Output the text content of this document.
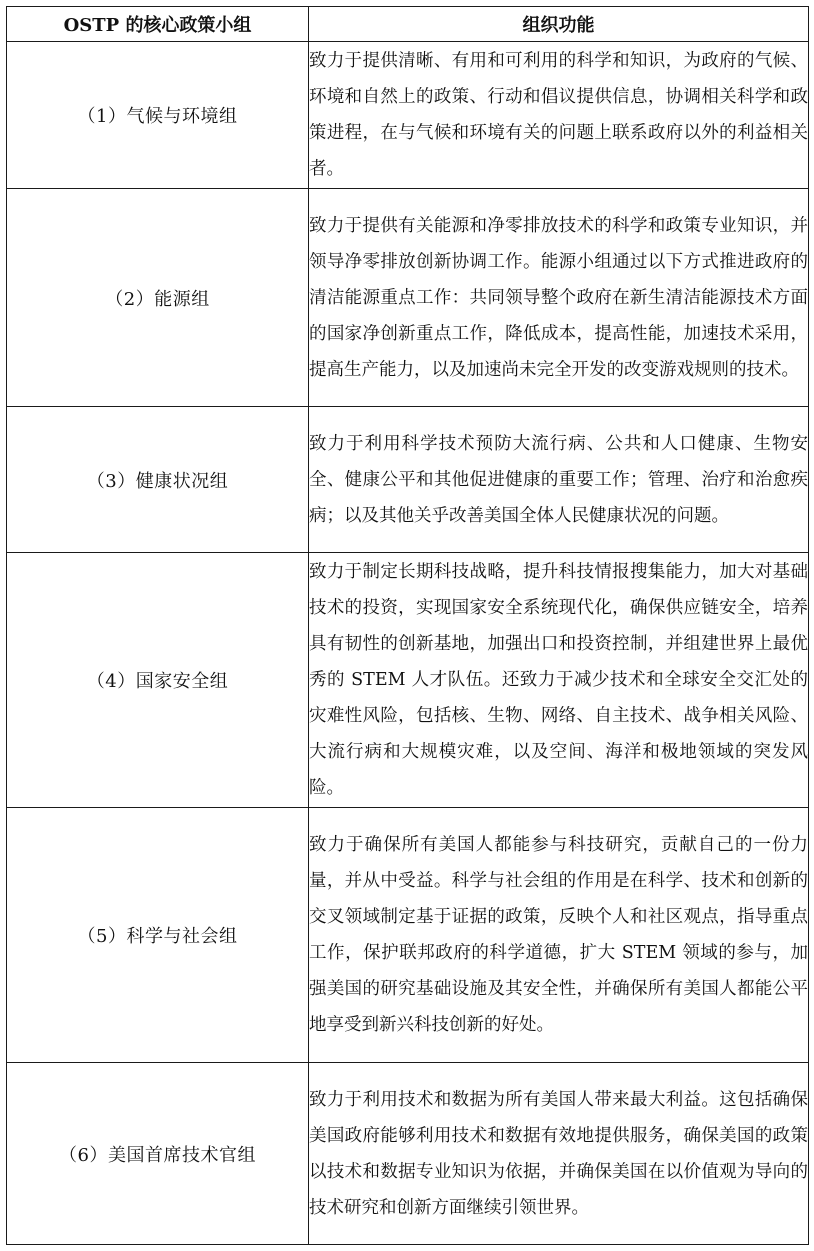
OSTP 的核心政策小组	组织功能
（1）气候与环境组	致力于提供清晰、有用和可利用的科学和知识，为政府的气候、环境和自然上的政策、行动和倡议提供信息，协调相关科学和政策进程，在与气候和环境有关的问题上联系政府以外的利益相关者。
（2）能源组	致力于提供有关能源和净零排放技术的科学和政策专业知识，并领导净零排放创新协调工作。能源小组通过以下方式推进政府的清洁能源重点工作：共同领导整个政府在新生清洁能源技术方面的国家净创新重点工作，降低成本，提高性能，加速技术采用，提高生产能力，以及加速尚未完全开发的改变游戏规则的技术。
（3）健康状况组	致力于利用科学技术预防大流行病、公共和人口健康、生物安全、健康公平和其他促进健康的重要工作；管理、治疗和治愈疾病；以及其他关乎改善美国全体人民健康状况的问题。
（4）国家安全组	致力于制定长期科技战略，提升科技情报搜集能力，加大对基础技术的投资，实现国家安全系统现代化，确保供应链安全，培养具有韧性的创新基地，加强出口和投资控制，并组建世界上最优秀的 STEM 人才队伍。还致力于减少技术和全球安全交汇处的灾难性风险，包括核、生物、网络、自主技术、战争相关风险、大流行病和大规模灾难，以及空间、海洋和极地领域的突发风险。
（5）科学与社会组	致力于确保所有美国人都能参与科技研究，贡献自己的一份力量，并从中受益。科学与社会组的作用是在科学、技术和创新的交叉领域制定基于证据的政策，反映个人和社区观点，指导重点工作，保护联邦政府的科学道德，扩大 STEM 领域的参与，加强美国的研究基础设施及其安全性，并确保所有美国人都能公平地享受到新兴科技创新的好处。
（6）美国首席技术官组	致力于利用技术和数据为所有美国人带来最大利益。这包括确保美国政府能够利用技术和数据有效地提供服务，确保美国的政策以技术和数据专业知识为依据，并确保美国在以价值观为导向的技术研究和创新方面继续引领世界。
